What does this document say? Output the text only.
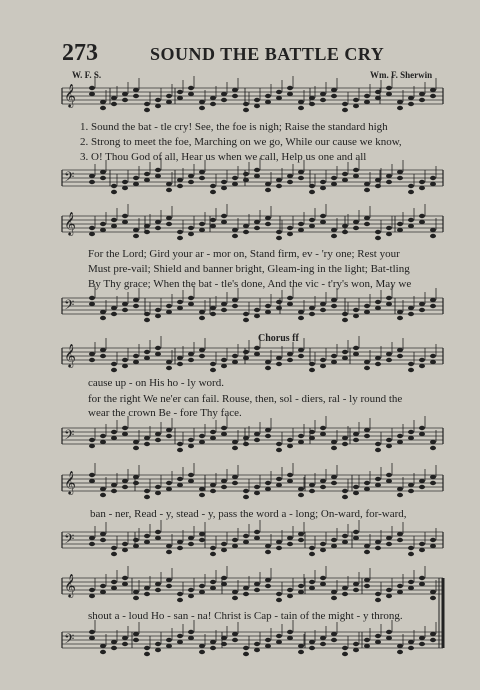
273	SOUND THE BATTLE CRY
W. F. S.	Wm. F. Sherwin
𝄞
𝄢
𝄞
𝄢
𝄞
𝄢
𝄞
𝄢
𝄞
𝄢
1. Sound the bat - tle cry! See, the foe is nigh; Raise the standard high
2. Strong to meet the foe, Marching on we go, While our cause we know,
3. O! Thou God of all, Hear us when we call, Help us one and all
For the Lord; Gird your ar - mor on, Stand firm, ev - 'ry one; Rest your
Must pre-vail; Shield and banner bright, Gleam-ing in the light; Bat-tling
By Thy grace; When the bat - tle's done, And the vic - t'ry's won, May we
Chorus ff
cause up - on His ho - ly word.
for the right We ne'er can fail. Rouse, then, sol - diers, ral - ly round the
wear the crown Be - fore Thy face.
ban - ner, Read - y, stead - y, pass the word a - long; On-ward, for-ward,
shout a - loud Ho - san - na! Christ is Cap - tain of the might - y throng.
